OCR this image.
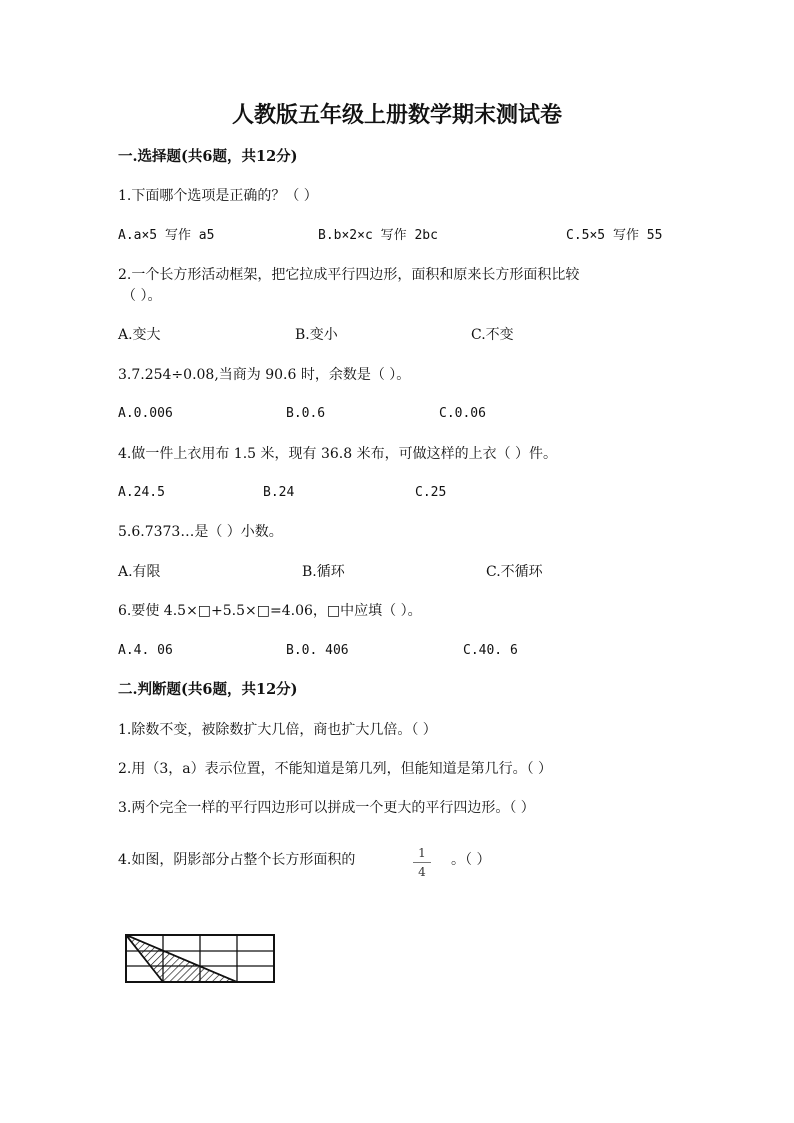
人教版五年级上册数学期末测试卷
一.选择题(共6题，共12分)
1.下面哪个选项是正确的？（ ）
A.a×5 写作 a5	B.b×2×c 写作 2bc	C.5×5 写作 55
2.一个长方形活动框架，把它拉成平行四边形，面积和原来长方形面积比较
（ ）。
A.变大	B.变小	C.不变
3.7.254÷0.08,当商为 90.6 时，余数是（ ）。
A.0.006	B.0.6	C.0.06
4.做一件上衣用布 1.5 米，现有 36.8 米布，可做这样的上衣（ ）件。
A.24.5	B.24	C.25
5.6.7373…是（ ）小数。
A.有限	B.循环	C.不循环
6.要使 4.5×□+5.5×□=4.06，□中应填（ ）。
A.4. 06	B.0. 406	C.40. 6
二.判断题(共6题，共12分)
1.除数不变，被除数扩大几倍，商也扩大几倍。（ ）
2.用（3，a）表示位置，不能知道是第几列，但能知道是第几行。（ ）
3.两个完全一样的平行四边形可以拼成一个更大的平行四边形。（ ）
4.如图，阴影部分占整个长方形面积的	1
4
。（ ）
